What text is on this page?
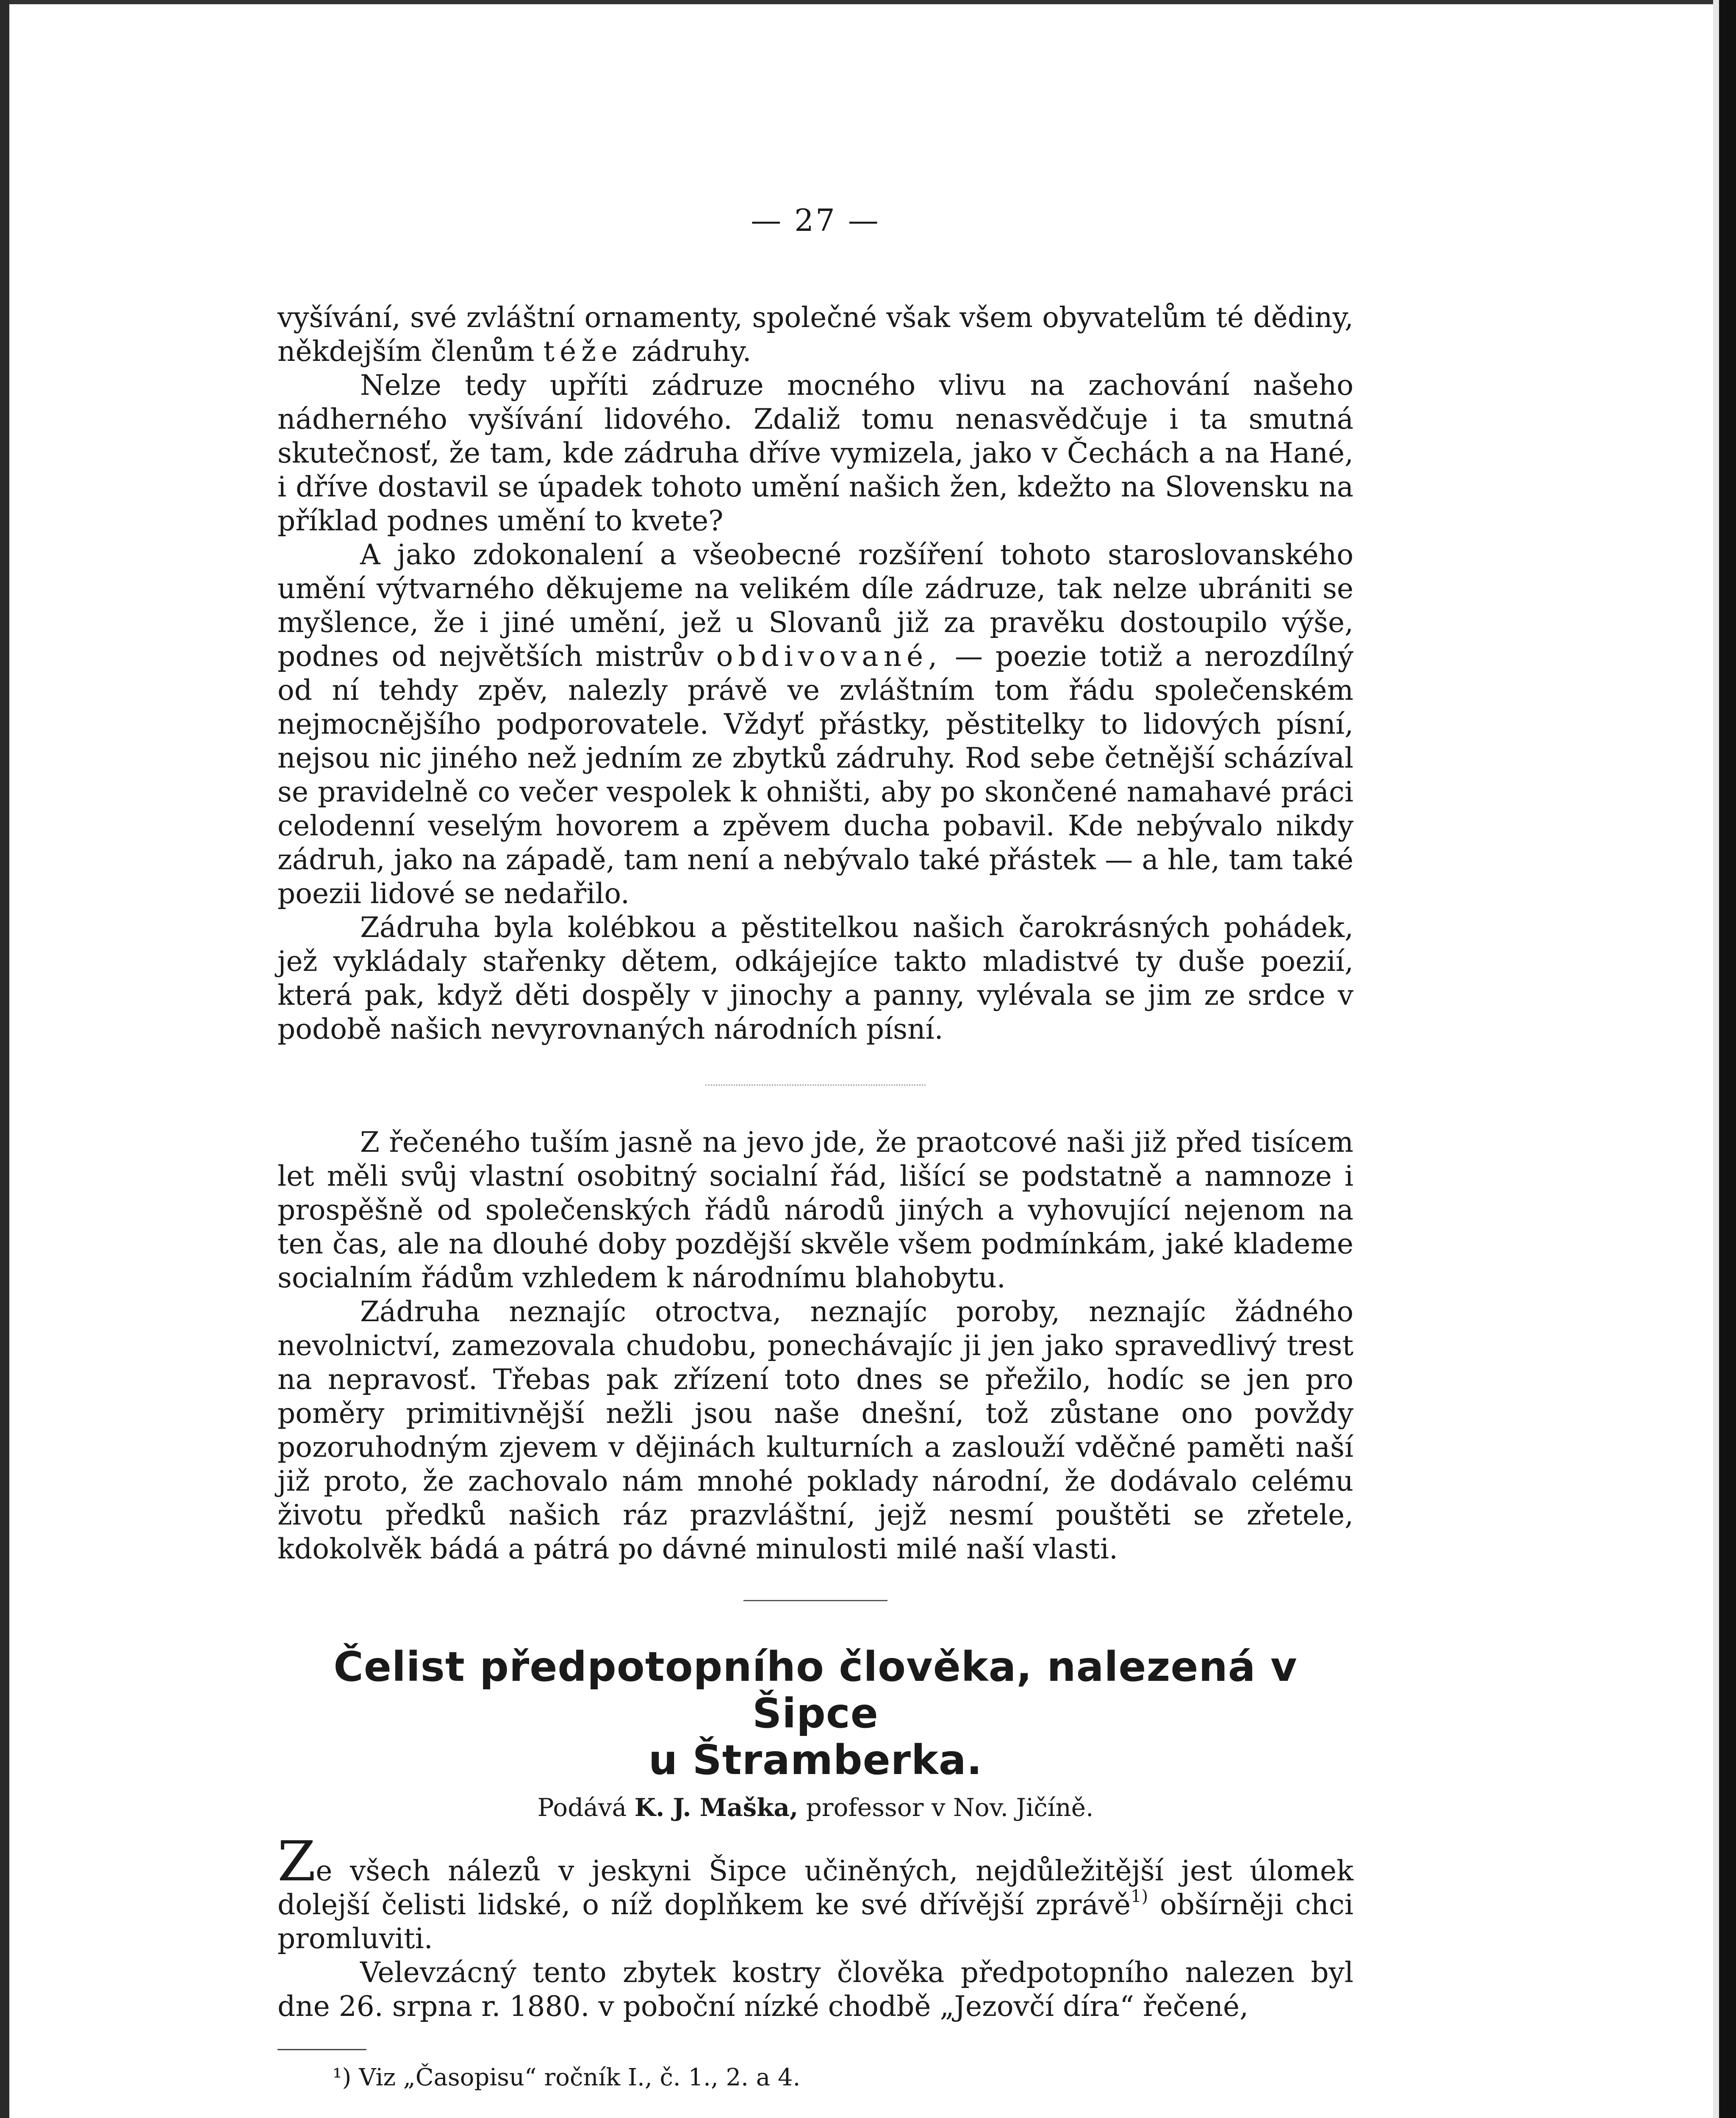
— 27 —

vyšívání, své zvláštní ornamenty, společné však všem obyvatelům té dědiny, někdejším členům téže zádruhy.

Nelze tedy upříti zádruze mocného vlivu na zachování našeho nádherného vyšívání lidového. Zdaliž tomu nenasvědčuje i ta smutná skutečnosť, že tam, kde zádruha dříve vymizela, jako v Čechách a na Hané, i dříve dostavil se úpadek tohoto umění našich žen, kdežto na Slovensku na příklad podnes umění to kvete?

A jako zdokonalení a všeobecné rozšíření tohoto staroslovanského umění výtvarného děkujeme na velikém díle zádruze, tak nelze ubrániti se myšlence, že i jiné umění, jež u Slovanů již za pravěku dostoupilo výše, podnes od největších mistrův obdivované, — poezie totiž a nerozdílný od ní tehdy zpěv, nalezly právě ve zvláštním tom řádu společenském nejmocnějšího podporovatele. Vždyť přástky, pěstitelky to lidových písní, nejsou nic jiného než jedním ze zbytků zádruhy. Rod sebe četnější scházíval se pravidelně co večer vespolek k ohništi, aby po skončené namahavé práci celodenní veselým hovorem a zpěvem ducha pobavil. Kde nebývalo nikdy zádruh, jako na západě, tam není a nebývalo také přástek — a hle, tam také poezii lidové se nedařilo.

Zádruha byla kolébkou a pěstitelkou našich čarokrásných pohádek, jež vykládaly stařenky dětem, odkájejíce takto mladistvé ty duše poezií, která pak, když děti dospěly v jinochy a panny, vylévala se jim ze srdce v podobě našich nevyrovnaných národních písní.

Z řečeného tuším jasně na jevo jde, že praotcové naši již před tisícem let měli svůj vlastní osobitný socialní řád, lišící se podstatně a namnoze i prospěšně od společenských řádů národů jiných a vyhovující nejenom na ten čas, ale na dlouhé doby pozdější skvěle všem podmínkám, jaké klademe socialním řádům vzhledem k národnímu blahobytu.

Zádruha neznajíc otroctva, neznajíc poroby, neznajíc žádného nevolnictví, zamezovala chudobu, ponechávajíc ji jen jako spravedlivý trest na nepravosť. Třebas pak zřízení toto dnes se přežilo, hodíc se jen pro poměry primitivnější nežli jsou naše dnešní, tož zůstane ono povždy pozoruhodným zjevem v dějinách kulturních a zaslouží vděčné paměti naší již proto, že zachovalo nám mnohé poklady národní, že dodávalo celému životu předků našich ráz prazvláštní, jejž nesmí pouštěti se zřetele, kdokolvěk bádá a pátrá po dávné minulosti milé naší vlasti.

Čelist předpotopního člověka, nalezená v Šipce
u Štramberka.
Podává K. J. Maška, professor v Nov. Jičíně.

Ze všech nálezů v jeskyni Šipce učiněných, nejdůležitější jest úlomek dolejší čelisti lidské, o níž doplňkem ke své dřívější zprávě$^{1)}$ obšírněji chci promluviti.

Velevzácný tento zbytek kostry člověka předpotopního nalezen byl dne 26. srpna r. 1880. v pobočnı́ nízké chodbě „Jezovčí díra“ řečené,

¹) Viz „Časopisu“ ročník I., č. 1., 2. a 4.
